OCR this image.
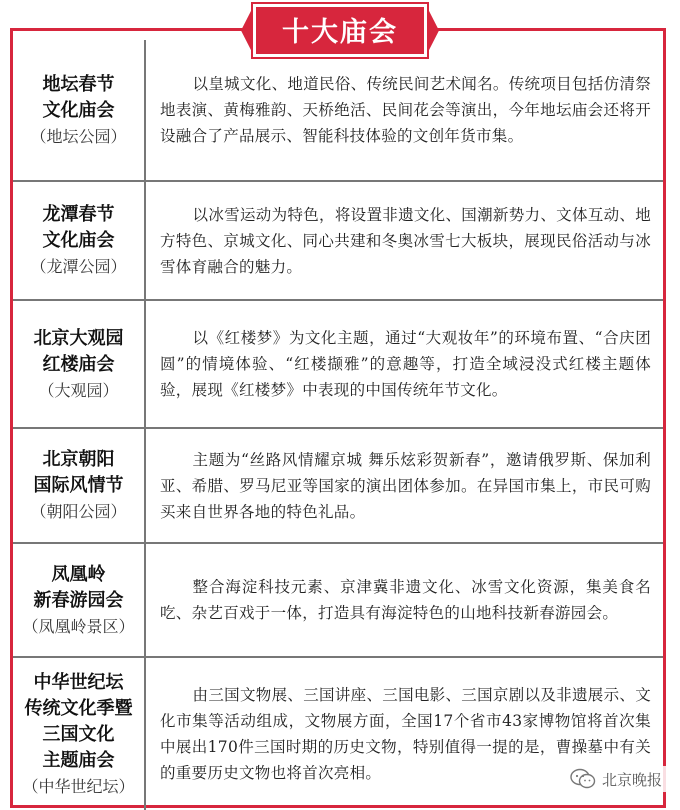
十大庙会
地坛春节
文化庙会
（地坛公园）
以皇城文化、地道民俗、传统民间艺术闻名。传统项目包括仿清祭地表演、黄梅雅韵、天桥绝活、民间花会等演出，今年地坛庙会还将开设融合了产品展示、智能科技体验的文创年货市集。
龙潭春节
文化庙会
（龙潭公园）
以冰雪运动为特色，将设置非遗文化、国潮新势力、文体互动、地方特色、京城文化、同心共建和冬奥冰雪七大板块，展现民俗活动与冰雪体育融合的魅力。
北京大观园
红楼庙会
（大观园）
以《红楼梦》为文化主题，通过“大观妆年”的环境布置、“合庆团圆”的情境体验、“红楼撷雅”的意趣等，打造全域浸没式红楼主题体验，展现《红楼梦》中表现的中国传统年节文化。
北京朝阳
国际风情节
（朝阳公园）
主题为“丝路风情耀京城 舞乐炫彩贺新春”，邀请俄罗斯、保加利亚、希腊、罗马尼亚等国家的演出团体参加。在异国市集上，市民可购买来自世界各地的特色礼品。
凤凰岭
新春游园会
（凤凰岭景区）
整合海淀科技元素、京津冀非遗文化、冰雪文化资源，集美食名吃、杂艺百戏于一体，打造具有海淀特色的山地科技新春游园会。
中华世纪坛
传统文化季暨
三国文化
主题庙会
（中华世纪坛）
由三国文物展、三国讲座、三国电影、三国京剧以及非遗展示、文化市集等活动组成，文物展方面，全国17个省市43家博物馆将首次集中展出170件三国时期的历史文物，特别值得一提的是，曹操墓中有关的重要历史文物也将首次亮相。	北京晚报
